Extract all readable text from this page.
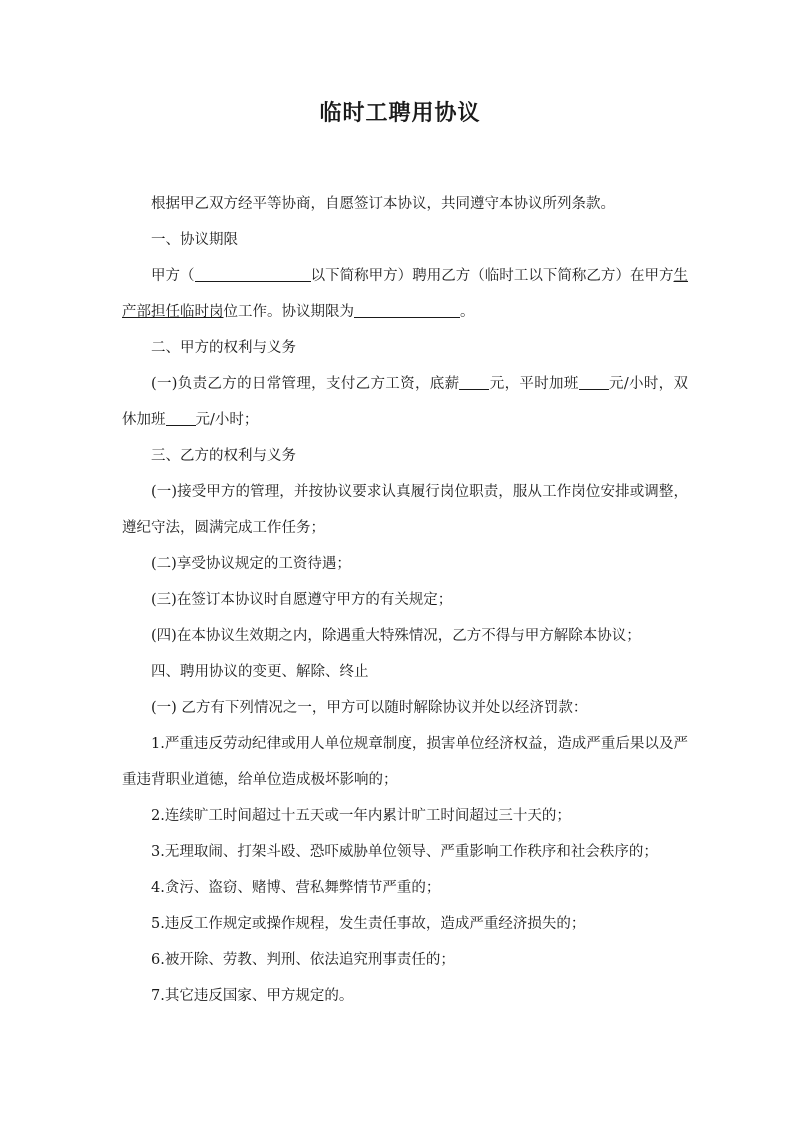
临时工聘用协议

根据甲乙双方经平等协商，自愿签订本协议，共同遵守本协议所列条款。

一、协议期限

甲方（	以下简称甲方）聘用乙方（临时工以下简称乙方）在甲方生产部担任临时岗位工作。协议期限为	。

二、甲方的权利与义务

(一)负责乙方的日常管理，支付乙方工资，底薪 元，平时加班 元/小时，双休加班 元/小时；

三、乙方的权利与义务

(一)接受甲方的管理，并按协议要求认真履行岗位职责，服从工作岗位安排或调整，遵纪守法，圆满完成工作任务；

(二)享受协议规定的工资待遇；

(三)在签订本协议时自愿遵守甲方的有关规定；

(四)在本协议生效期之内，除遇重大特殊情况，乙方不得与甲方解除本协议；

四、聘用协议的变更、解除、终止

(一) 乙方有下列情况之一，甲方可以随时解除协议并处以经济罚款：

1.严重违反劳动纪律或用人单位规章制度，损害单位经济权益，造成严重后果以及严重违背职业道德，给单位造成极坏影响的；

2.连续旷工时间超过十五天或一年内累计旷工时间超过三十天的；

3.无理取闹、打架斗殴、恐吓威胁单位领导、严重影响工作秩序和社会秩序的；

4.贪污、盗窃、赌博、营私舞弊情节严重的；

5.违反工作规定或操作规程，发生责任事故，造成严重经济损失的；

6.被开除、劳教、判刑、依法追究刑事责任的；

7.其它违反国家、甲方规定的。
